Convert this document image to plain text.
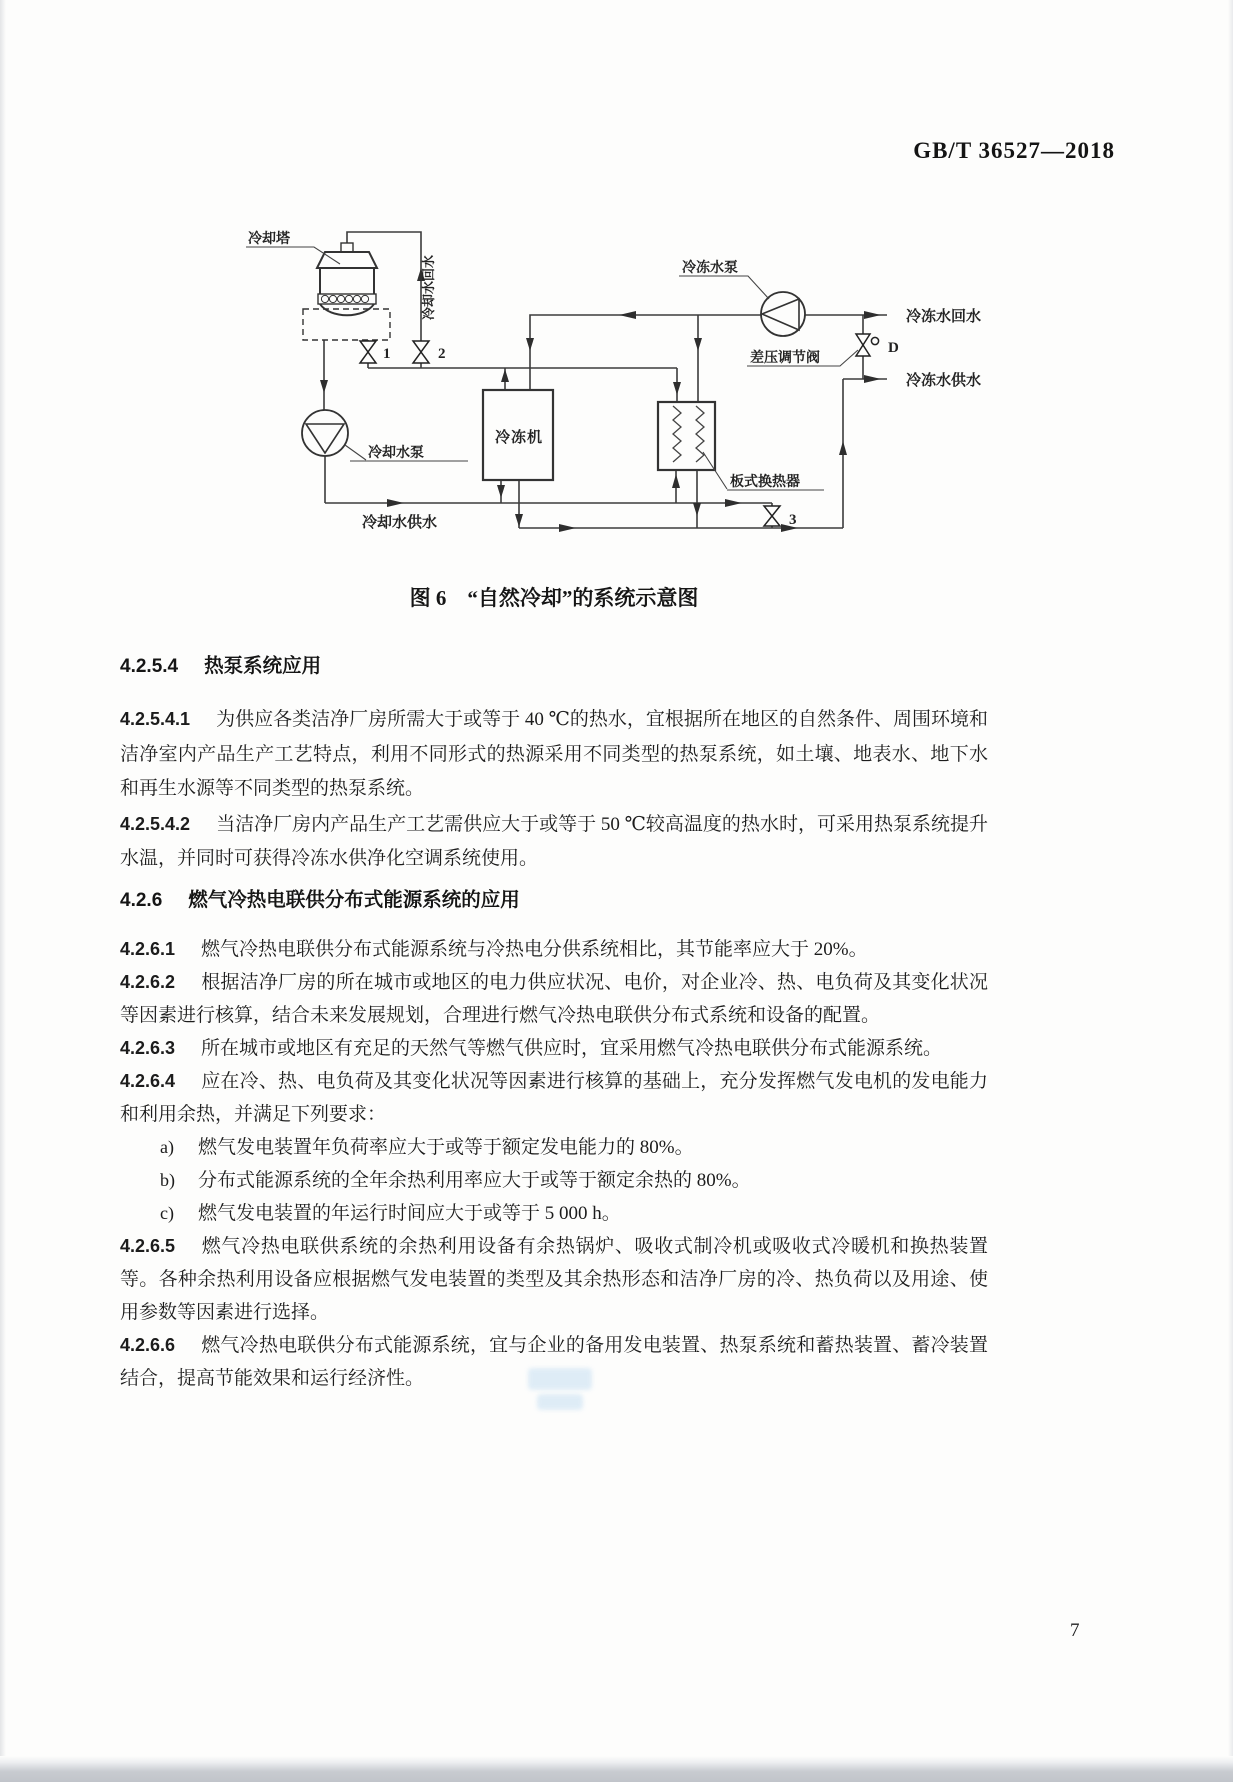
GB/T 36527—2018
冷冻机
冷却塔
冷却水回水
冷却水泵
冷冻水泵
差压调节阀
冷冻水回水
冷冻水供水
冷却水供水
板式换热器
1	2
3
D
图 6　“自然冷却”的系统示意图
4.2.5.4 热泵系统应用

4.2.5.4.1 为供应各类洁净厂房所需大于或等于 40 ℃的热水，宜根据所在地区的自然条件、周围环境和洁净室内产品生产工艺特点，利用不同形式的热源采用不同类型的热泵系统，如土壤、地表水、地下水和再生水源等不同类型的热泵系统。

4.2.5.4.2 当洁净厂房内产品生产工艺需供应大于或等于 50 ℃较高温度的热水时，可采用热泵系统提升水温，并同时可获得冷冻水供净化空调系统使用。

4.2.6 燃气冷热电联供分布式能源系统的应用

4.2.6.1 燃气冷热电联供分布式能源系统与冷热电分供系统相比，其节能率应大于 20%。

4.2.6.2 根据洁净厂房的所在城市或地区的电力供应状况、电价，对企业冷、热、电负荷及其变化状况等因素进行核算，结合未来发展规划，合理进行燃气冷热电联供分布式系统和设备的配置。

4.2.6.3 所在城市或地区有充足的天然气等燃气供应时，宜采用燃气冷热电联供分布式能源系统。

4.2.6.4 应在冷、热、电负荷及其变化状况等因素进行核算的基础上，充分发挥燃气发电机的发电能力和利用余热，并满足下列要求：

a) 燃气发电装置年负荷率应大于或等于额定发电能力的 80%。

b) 分布式能源系统的全年余热利用率应大于或等于额定余热的 80%。

c) 燃气发电装置的年运行时间应大于或等于 5 000 h。

4.2.6.5 燃气冷热电联供系统的余热利用设备有余热锅炉、吸收式制冷机或吸收式冷暖机和换热装置等。各种余热利用设备应根据燃气发电装置的类型及其余热形态和洁净厂房的冷、热负荷以及用途、使用参数等因素进行选择。

4.2.6.6 燃气冷热电联供分布式能源系统，宜与企业的备用发电装置、热泵系统和蓄热装置、蓄冷装置结合，提高节能效果和运行经济性。

7
